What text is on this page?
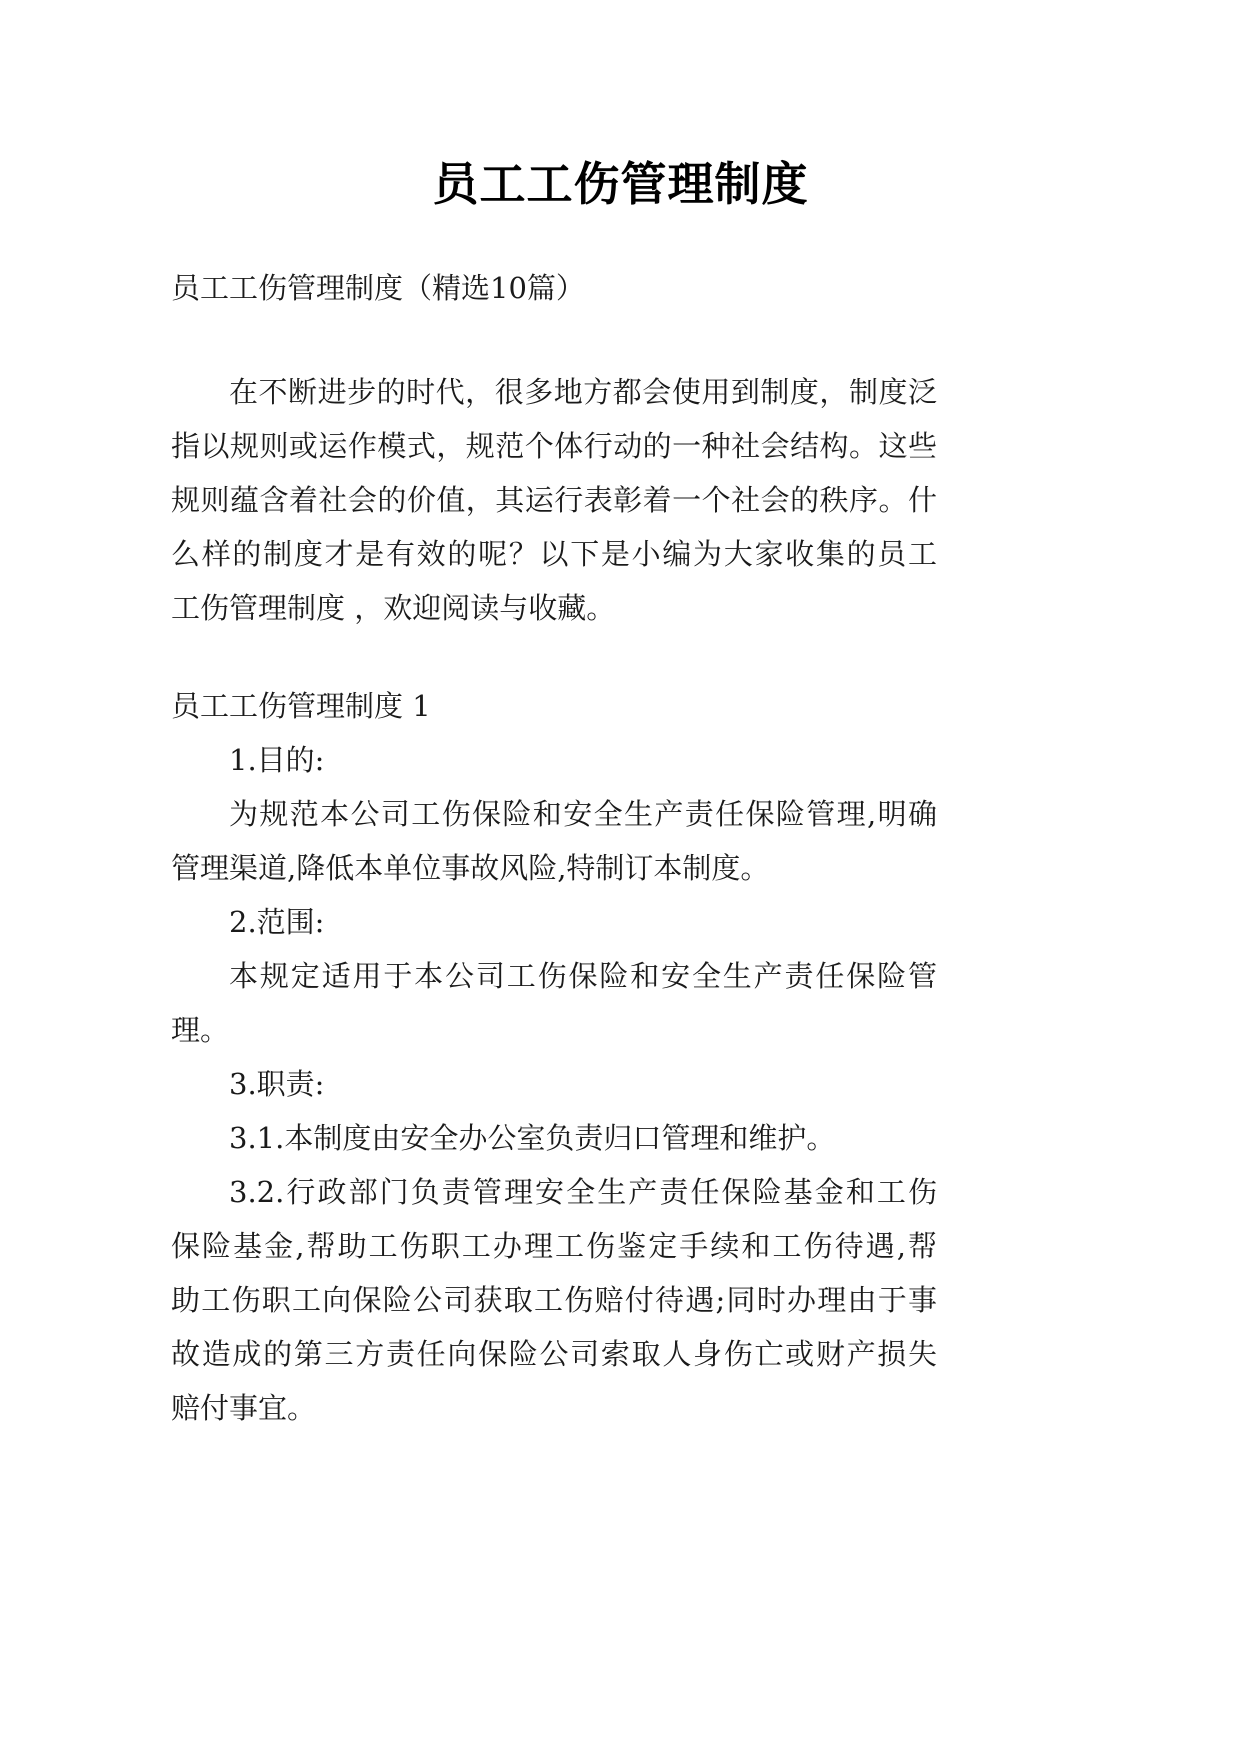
员工工伤管理制度
员工工伤管理制度（精选10篇）
在不断进步的时代，很多地方都会使用到制度，制度泛
指以规则或运作模式，规范个体行动的一种社会结构。这些
规则蕴含着社会的价值，其运行表彰着一个社会的秩序。什
么样的制度才是有效的呢？以下是小编为大家收集的员工
工伤管理制度 ，欢迎阅读与收藏。
员工工伤管理制度 1
1.目的:
为规范本公司工伤保险和安全生产责任保险管理,明确
管理渠道,降低本单位事故风险,特制订本制度。
2.范围:
本规定适用于本公司工伤保险和安全生产责任保险管
理。
3.职责:
3.1.本制度由安全办公室负责归口管理和维护。
3.2.行政部门负责管理安全生产责任保险基金和工伤
保险基金,帮助工伤职工办理工伤鉴定手续和工伤待遇,帮
助工伤职工向保险公司获取工伤赔付待遇;同时办理由于事
故造成的第三方责任向保险公司索取人身伤亡或财产损失
赔付事宜。
